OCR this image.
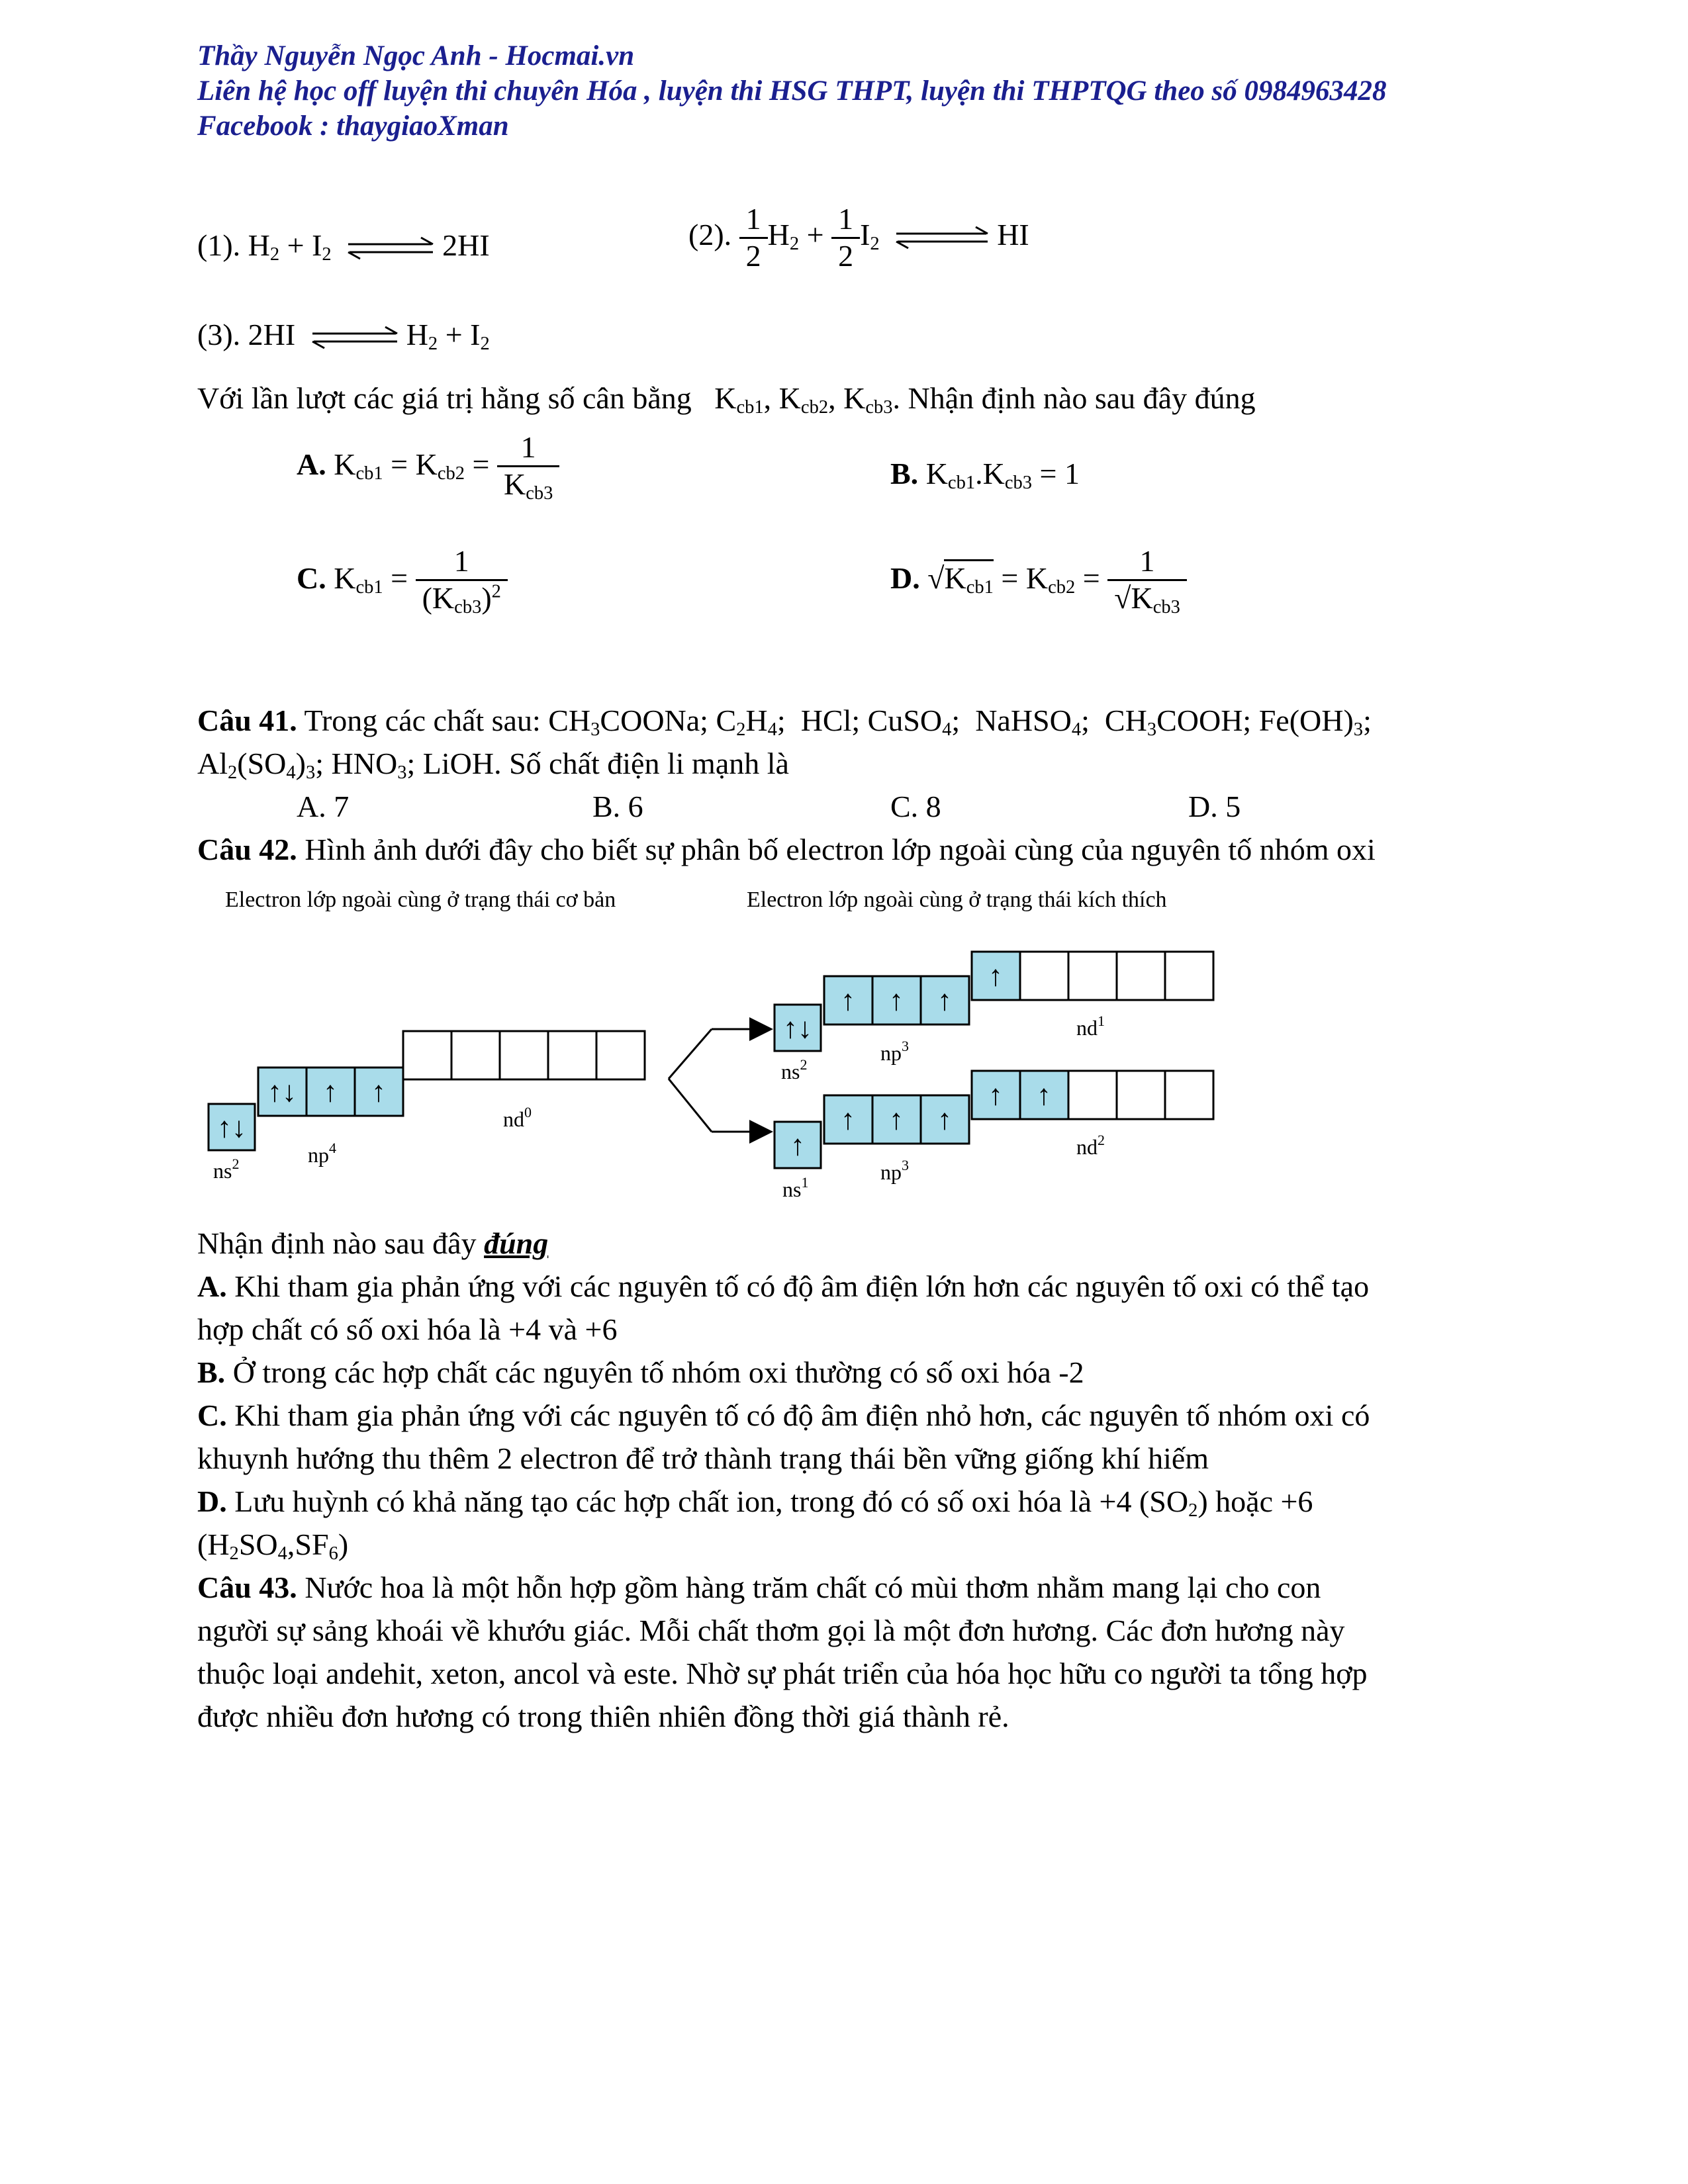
Thầy Nguyễn Ngọc Anh - Hocmai.vn
Liên hệ học off luyện thi chuyên Hóa , luyện thi HSG THPT, luyện thi THPTQG theo số 0984963428
Facebook : thaygiaoXman
(1). $H_2 + I_2$ ⇌ 2HI	(2). $\frac{1}{2} H_2 + \frac{1}{2} I_2$ ⇌ HI
(3). 2HI ⇌ $H_2 + I_2$
Với lần lượt các giá trị hằng số cân bằng   $K_{cb1}$, $K_{cb2}$, $K_{cb3}$. Nhận định nào sau đây đúng
A. $K_{cb1} = K_{cb2} = \frac{1}{K_{cb3}}$	B. $K_{cb1}.K_{cb3} = 1$
C. $K_{cb1} = \frac{1}{(K_{cb3})^2}$	D. $√K_{cb1} = K_{cb2} = \frac{1}{√K_{cb3}}$
Câu 41. Trong các chất sau: $CH_3COONa$; $C_2H_4$;  HCl; CuSO$_4$;  NaHSO$_4$;  $CH_3COOH$; $Fe(OH)_3$;
$Al_2(SO_4)_3$; $HNO_3$; LiOH. Số chất điện li mạnh là
A. 7	B. 6	C. 8	D. 5
Câu 42. Hình ảnh dưới đây cho biết sự phân bố electron lớp ngoài cùng của nguyên tố nhóm oxi
Electron lớp ngoài cùng ở trạng thái cơ bản	Electron lớp ngoài cùng ở trạng thái kích thích
↑↓
↑↓ ↑ ↑
$ns^2$	$np^4$
$nd^0$
↑↓
↑ ↑ ↑
↑
$ns^2$	$np^3$
$nd^1$
↑
↑ ↑ ↑
↑ ↑
$ns^1$	$np^3$
$nd^2$
Nhận định nào sau đây đúng
A. Khi tham gia phản ứng với các nguyên tố có độ âm điện lớn hơn các nguyên tố oxi có thể tạo
hợp chất có số oxi hóa là +4 và +6
B. Ở trong các hợp chất các nguyên tố nhóm oxi thường có số oxi hóa -2
C. Khi tham gia phản ứng với các nguyên tố có độ âm điện nhỏ hơn, các nguyên tố nhóm oxi có
khuynh hướng thu thêm 2 electron để trở thành trạng thái bền vững giống khí hiếm
D. Lưu huỳnh có khả năng tạo các hợp chất ion, trong đó có số oxi hóa là +4 $(SO_2)$ hoặc +6
$(H_2SO_4,SF_6)$
Câu 43. Nước hoa là một hỗn hợp gồm hàng trăm chất có mùi thơm nhằm mang lại cho con
người sự sảng khoái về khướu giác. Mỗi chất thơm gọi là một đơn hương. Các đơn hương này
thuộc loại andehit, xeton, ancol và este. Nhờ sự phát triển của hóa học hữu co người ta tổng hợp
được nhiều đơn hương có trong thiên nhiên đồng thời giá thành rẻ.
